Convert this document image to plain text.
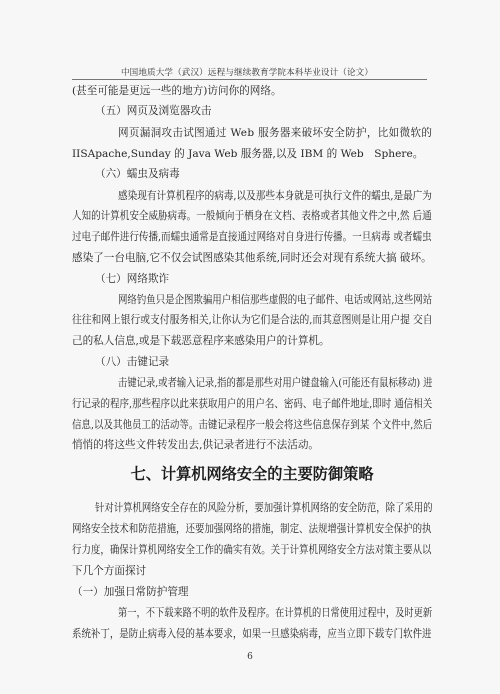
中国地质大学（武汉）远程与继续教育学院本科毕业设计（论文）
(甚至可能是更远一些的地方)访问你的网络。
（五）网页及浏览器攻击
网页漏洞攻击试图通过 Web 服务器来破坏安全防护，比如微软的
IISApache,Sunday 的 Java Web 服务器,以及 IBM 的 Web　Sphere。
（六）蠕虫及病毒
感染现有计算机程序的病毒,以及那些本身就是可执行文件的蠕虫,是最广为
人知的计算机安全威胁病毒。一般倾向于栖身在文档、表格或者其他文件之中,然 后通
过电子邮件进行传播,而蠕虫通常是直接通过网络对自身进行传播。一旦病毒 或者蠕虫
感染了一台电脑,它不仅会试图感染其他系统,同时还会对现有系统大搞 破坏。
（七）网络欺诈
网络钓鱼只是企图欺骗用户相信那些虚假的电子邮件、电话或网站,这些网站
往往和网上银行或支付服务相关,让你认为它们是合法的,而其意图则是让用户提 交自
己的私人信息,或是下载恶意程序来感染用户的计算机。
（八）击键记录
击键记录,或者输入记录,指的都是那些对用户键盘输入(可能还有鼠标移动) 进
行记录的程序,那些程序以此来获取用户的用户名、密码、电子邮件地址,即时 通信相关
信息,以及其他员工的活动等。击键记录程序一般会将这些信息保存到某 个文件中,然后
悄悄的将这些文件转发出去,供记录者进行不法活动。
七、计算机网络安全的主要防御策略
针对计算机网络安全存在的风险分析，要加强计算机网络的安全防范，除了采用的
网络安全技术和防范措施，还要加强网络的措施，制定、法规增强计算机安全保护的执
行力度，确保计算机网络安全工作的确实有效。关于计算机网络安全方法对策主要从以
下几个方面探讨
（一）加强日常防护管理
第一，不下载来路不明的软件及程序。在计算机的日常使用过程中，及时更新
系统补丁，是防止病毒入侵的基本要求，如果一旦感染病毒，应当立即下载专门软件进
6
